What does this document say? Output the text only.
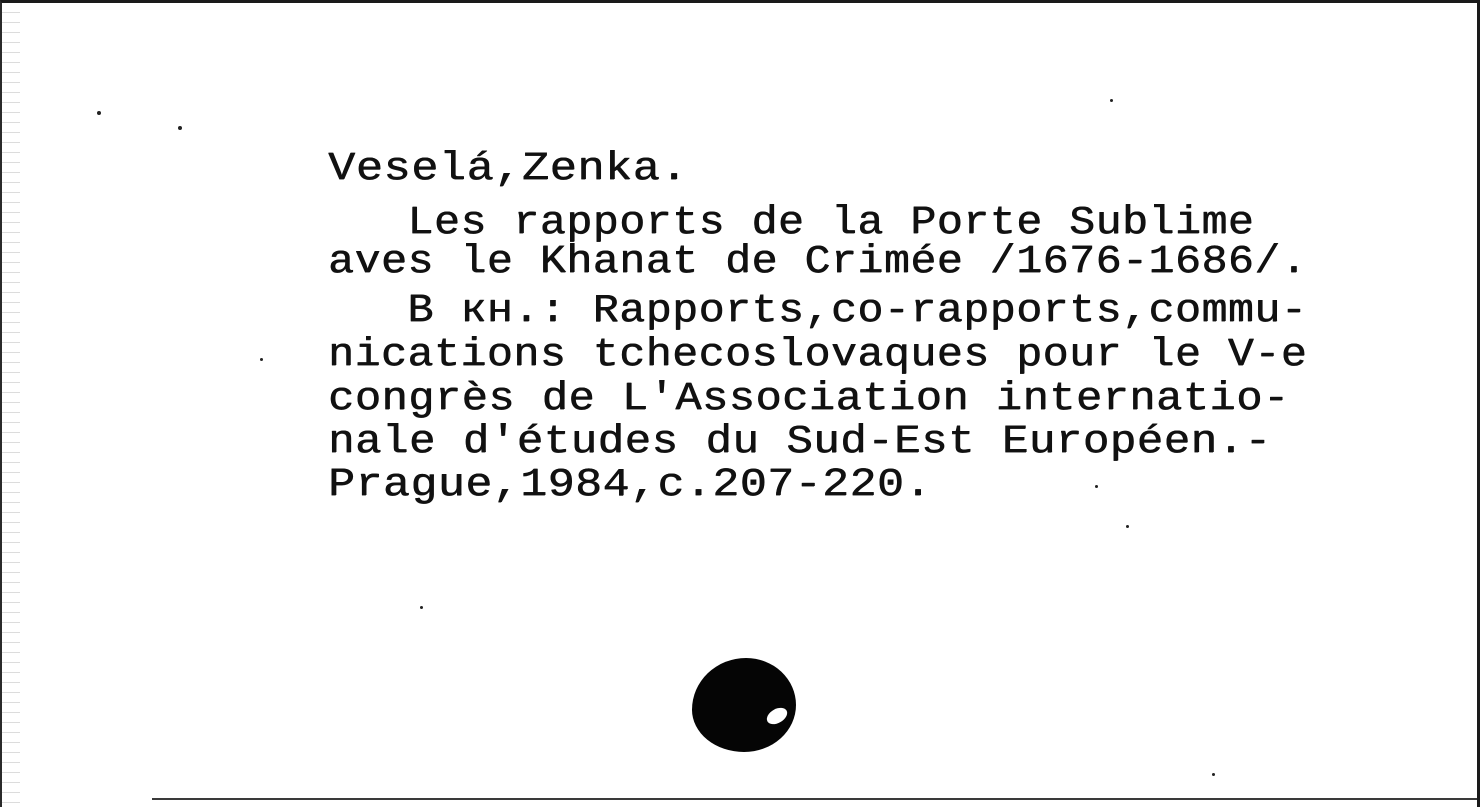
Veselá,Zenka.
Les rapports de la Porte Sublime
aves le Khanat de Crimée /1676-1686/.
B кн.: Rapports,co-rapports,commu-
nications tchecoslovaques pour le V-e
congrès de L'Association internatio-
nale d'études du Sud-Est Européen.-
Prague,1984,c.207-220.
